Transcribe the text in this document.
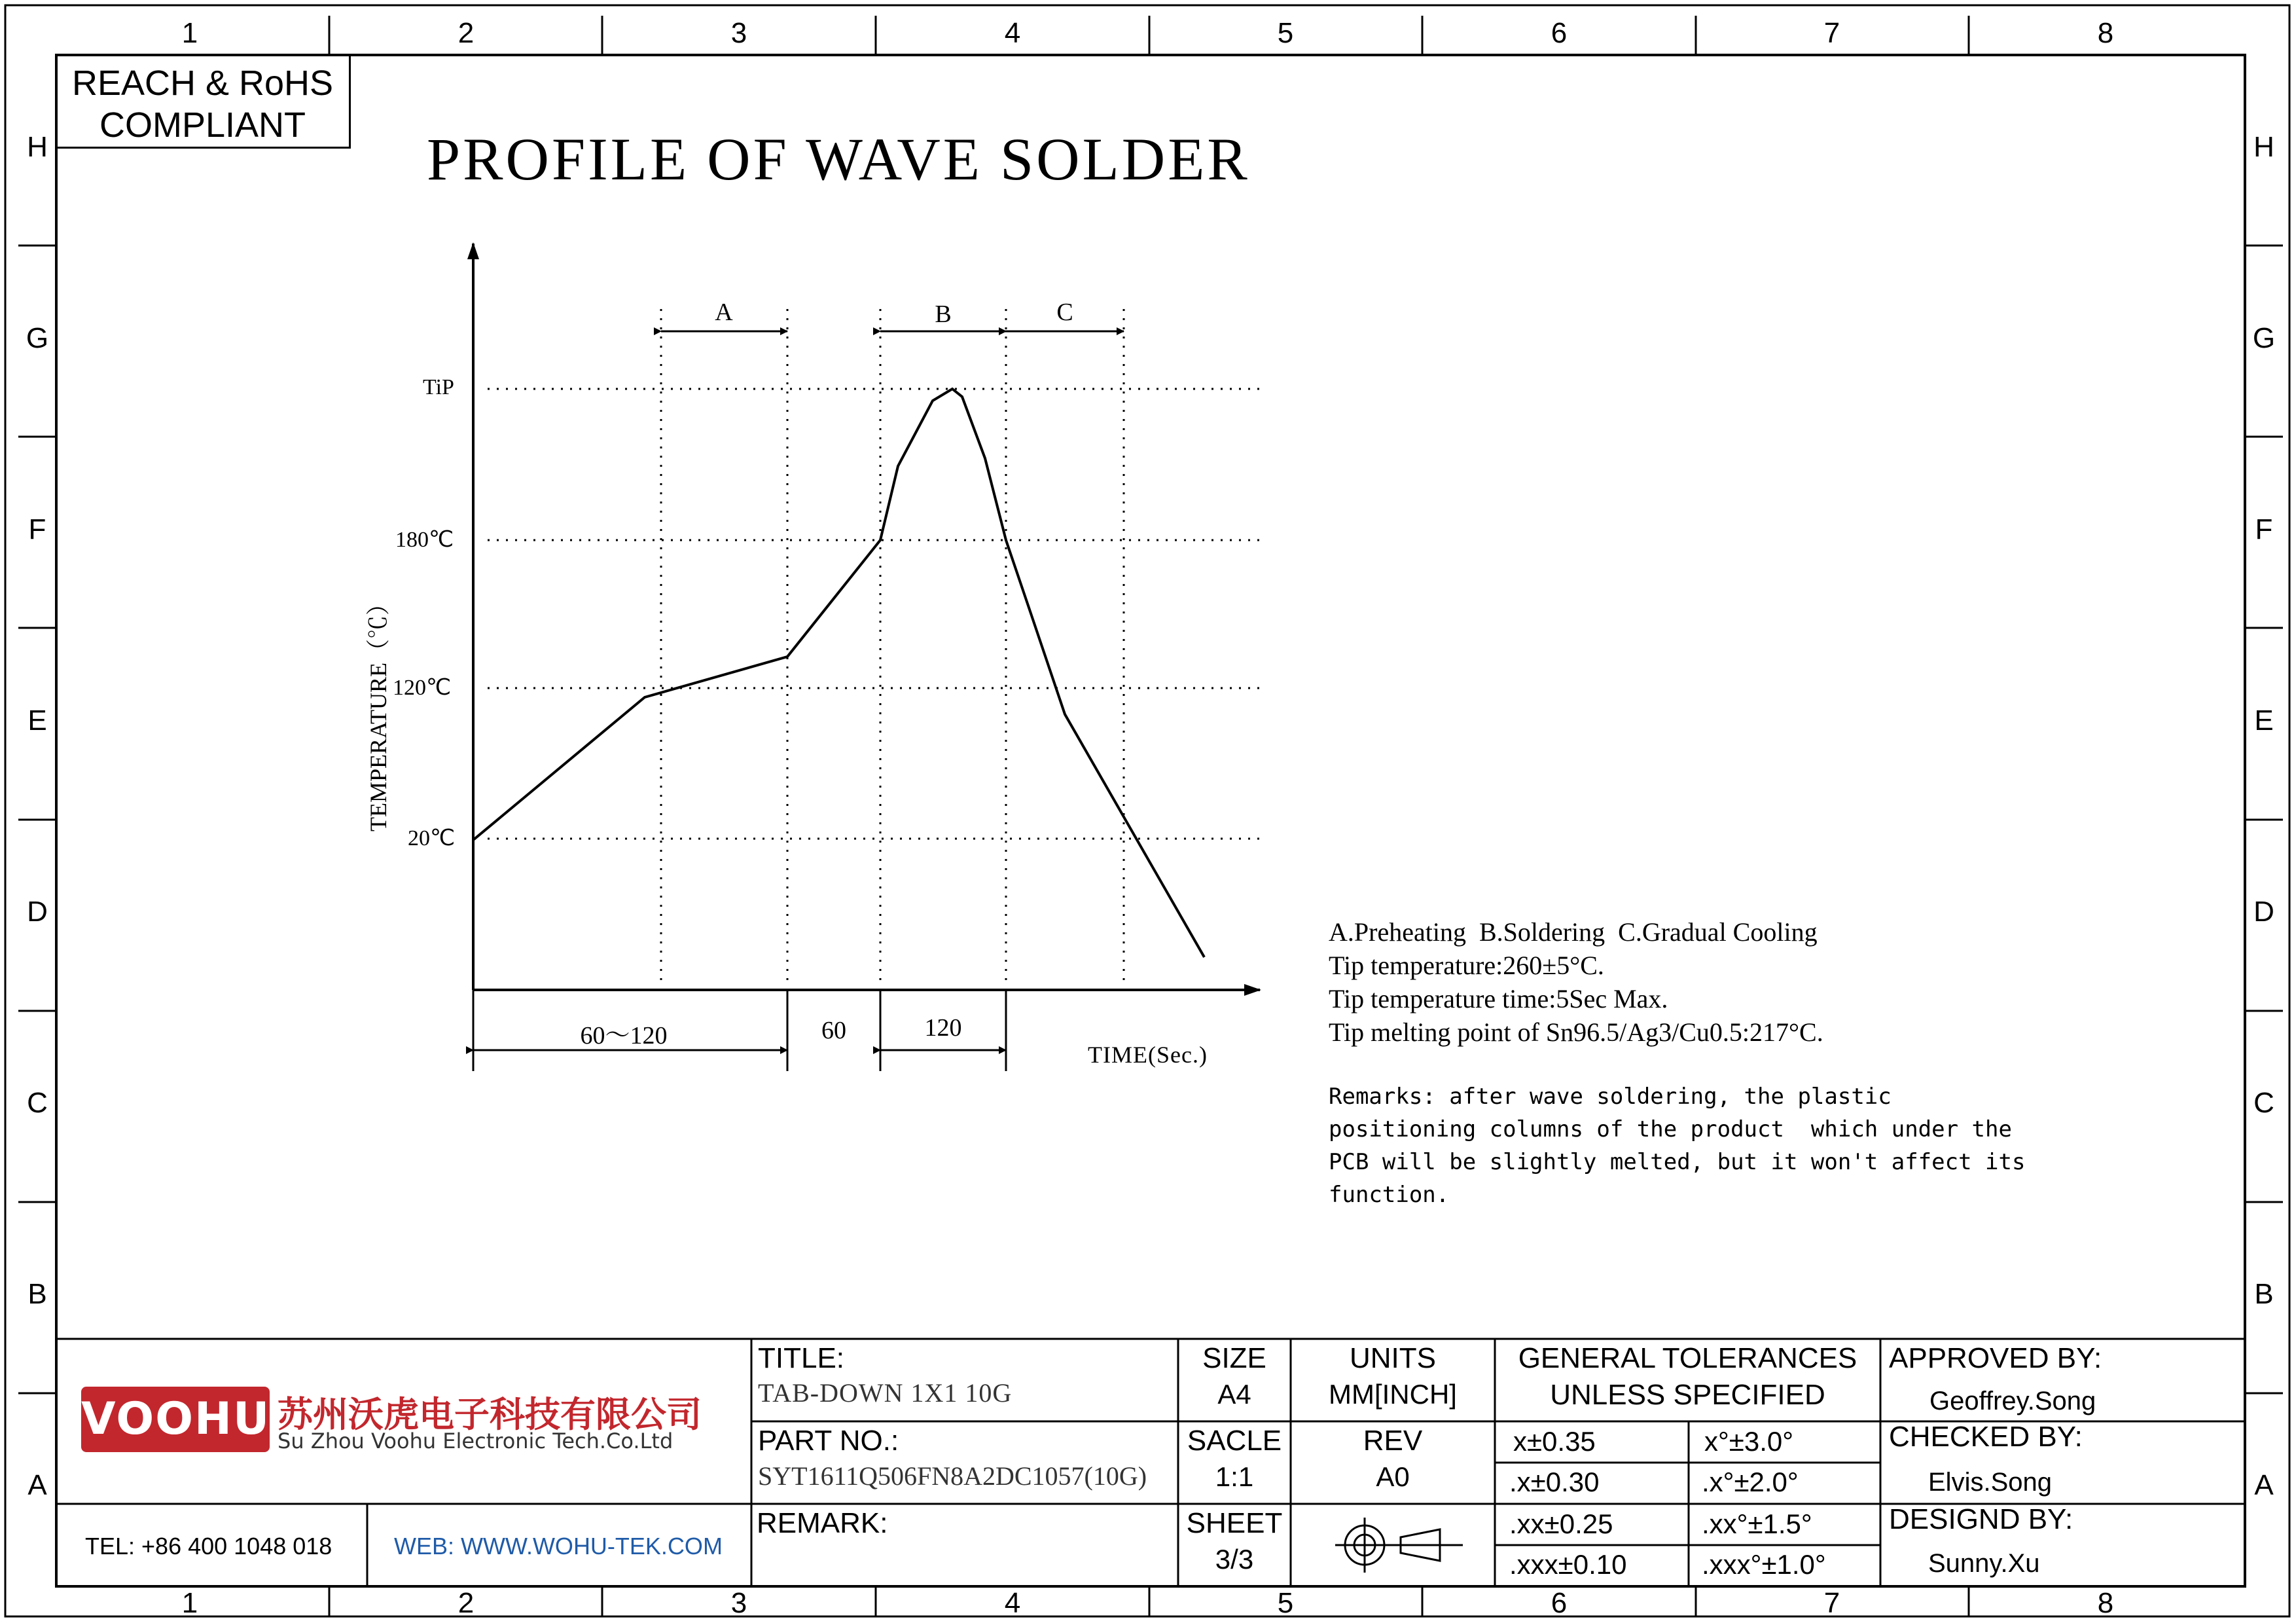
1	2	3	4	5	6	7	8
1	2	3	4	5	6	7	8
H
G
F
E
D
C
B
A
H
G
F
E
D
C
B
A
REACH & RoHS
COMPLIANT
PROFILE OF WAVE SOLDER
TEMPERATURE（℃）
TiP
180℃
120℃
20℃
A	B	C
60～120	60	120
TIME(Sec.)
A.Preheating  B.Soldering  C.Gradual Cooling
Tip temperature:260±5°C.
Tip temperature time:5Sec Max.
Tip melting point of Sn96.5/Ag3/Cu0.5:217°C.
Remarks: after wave soldering, the plastic
positioning columns of the product  which under the
PCB will be slightly melted, but it won't affect its
function.
VOOHU 苏州沃虎电子科技有限公司
Su Zhou Voohu Electronic Tech.Co.Ltd
TEL: +86 400 1048 018	WEB: WWW.WOHU-TEK.COM
TITLE:
TAB-DOWN 1X1 10G
PART NO.:
SYT1611Q506FN8A2DC1057(10G)
REMARK:
SIZE
A4
SACLE
1:1
SHEET
3/3
UNITS
MM[INCH]
REV
A0
GENERAL TOLERANCES
UNLESS SPECIFIED
x±0.35	x°±3.0°
.x±0.30	.x°±2.0°
.xx±0.25	.xx°±1.5°
.xxx±0.10	.xxx°±1.0°
APPROVED BY:
Geoffrey.Song
CHECKED BY:
Elvis.Song
DESIGND BY:
Sunny.Xu
